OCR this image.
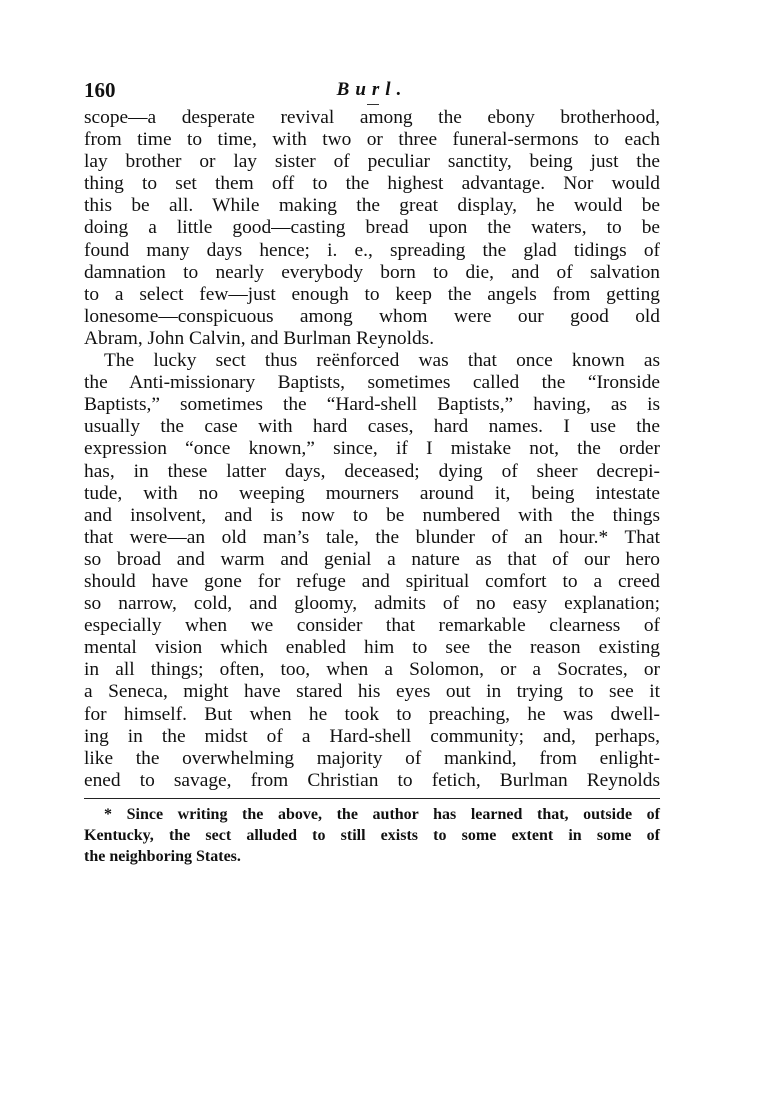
160	Burl.
scope—a desperate revival among the ebony brotherhood,
from time to time, with two or three funeral-sermons to each
lay brother or lay sister of peculiar sanctity, being just the
thing to set them off to the highest advantage. Nor would
this be all. While making the great display, he would be
doing a little good—casting bread upon the waters, to be
found many days hence; i. e., spreading the glad tidings of
damnation to nearly everybody born to die, and of salvation
to a select few—just enough to keep the angels from getting
lonesome—conspicuous among whom were our good old
Abram, John Calvin, and Burlman Reynolds.
The lucky sect thus reënforced was that once known as
the Anti-missionary Baptists, sometimes called the “Ironside
Baptists,” sometimes the “Hard-shell Baptists,” having, as is
usually the case with hard cases, hard names. I use the
expression “once known,” since, if I mistake not, the order
has, in these latter days, deceased; dying of sheer decrepi-
tude, with no weeping mourners around it, being intestate
and insolvent, and is now to be numbered with the things
that were—an old man’s tale, the blunder of an hour.* That
so broad and warm and genial a nature as that of our hero
should have gone for refuge and spiritual comfort to a creed
so narrow, cold, and gloomy, admits of no easy explanation;
especially when we consider that remarkable clearness of
mental vision which enabled him to see the reason existing
in all things; often, too, when a Solomon, or a Socrates, or
a Seneca, might have stared his eyes out in trying to see it
for himself. But when he took to preaching, he was dwell-
ing in the midst of a Hard-shell community; and, perhaps,
like the overwhelming majority of mankind, from enlight-
ened to savage, from Christian to fetich, Burlman Reynolds
* Since writing the above, the author has learned that, outside of
Kentucky, the sect alluded to still exists to some extent in some of
the neighboring States.
